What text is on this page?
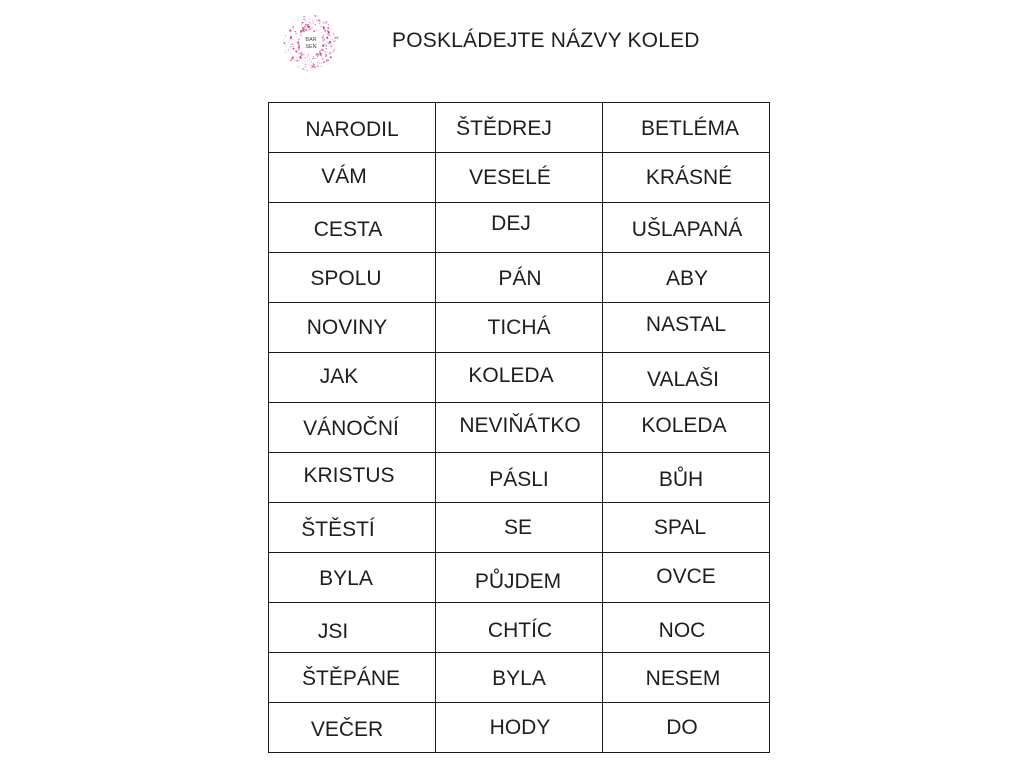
BAR
SEN	POSKLÁDEJTE NÁZVY KOLED
NARODIL	ŠTĚDREJ	BETLÉMA

VÁM	VESELÉ	KRÁSNÉ

CESTA	DEJ	UŠLAPANÁ

SPOLU	PÁN	ABY

NOVINY	TICHÁ	NASTAL

JAK	KOLEDA	VALAŠI

VÁNOČNÍ	NEVIŇÁTKO	KOLEDA

KRISTUS	PÁSLI	BŮH

ŠTĚSTÍ	SE	SPAL

BYLA	PŮJDEM	OVCE

JSI	CHTÍC	NOC

ŠTĚPÁNE	BYLA	NESEM

VEČER	HODY	DO
